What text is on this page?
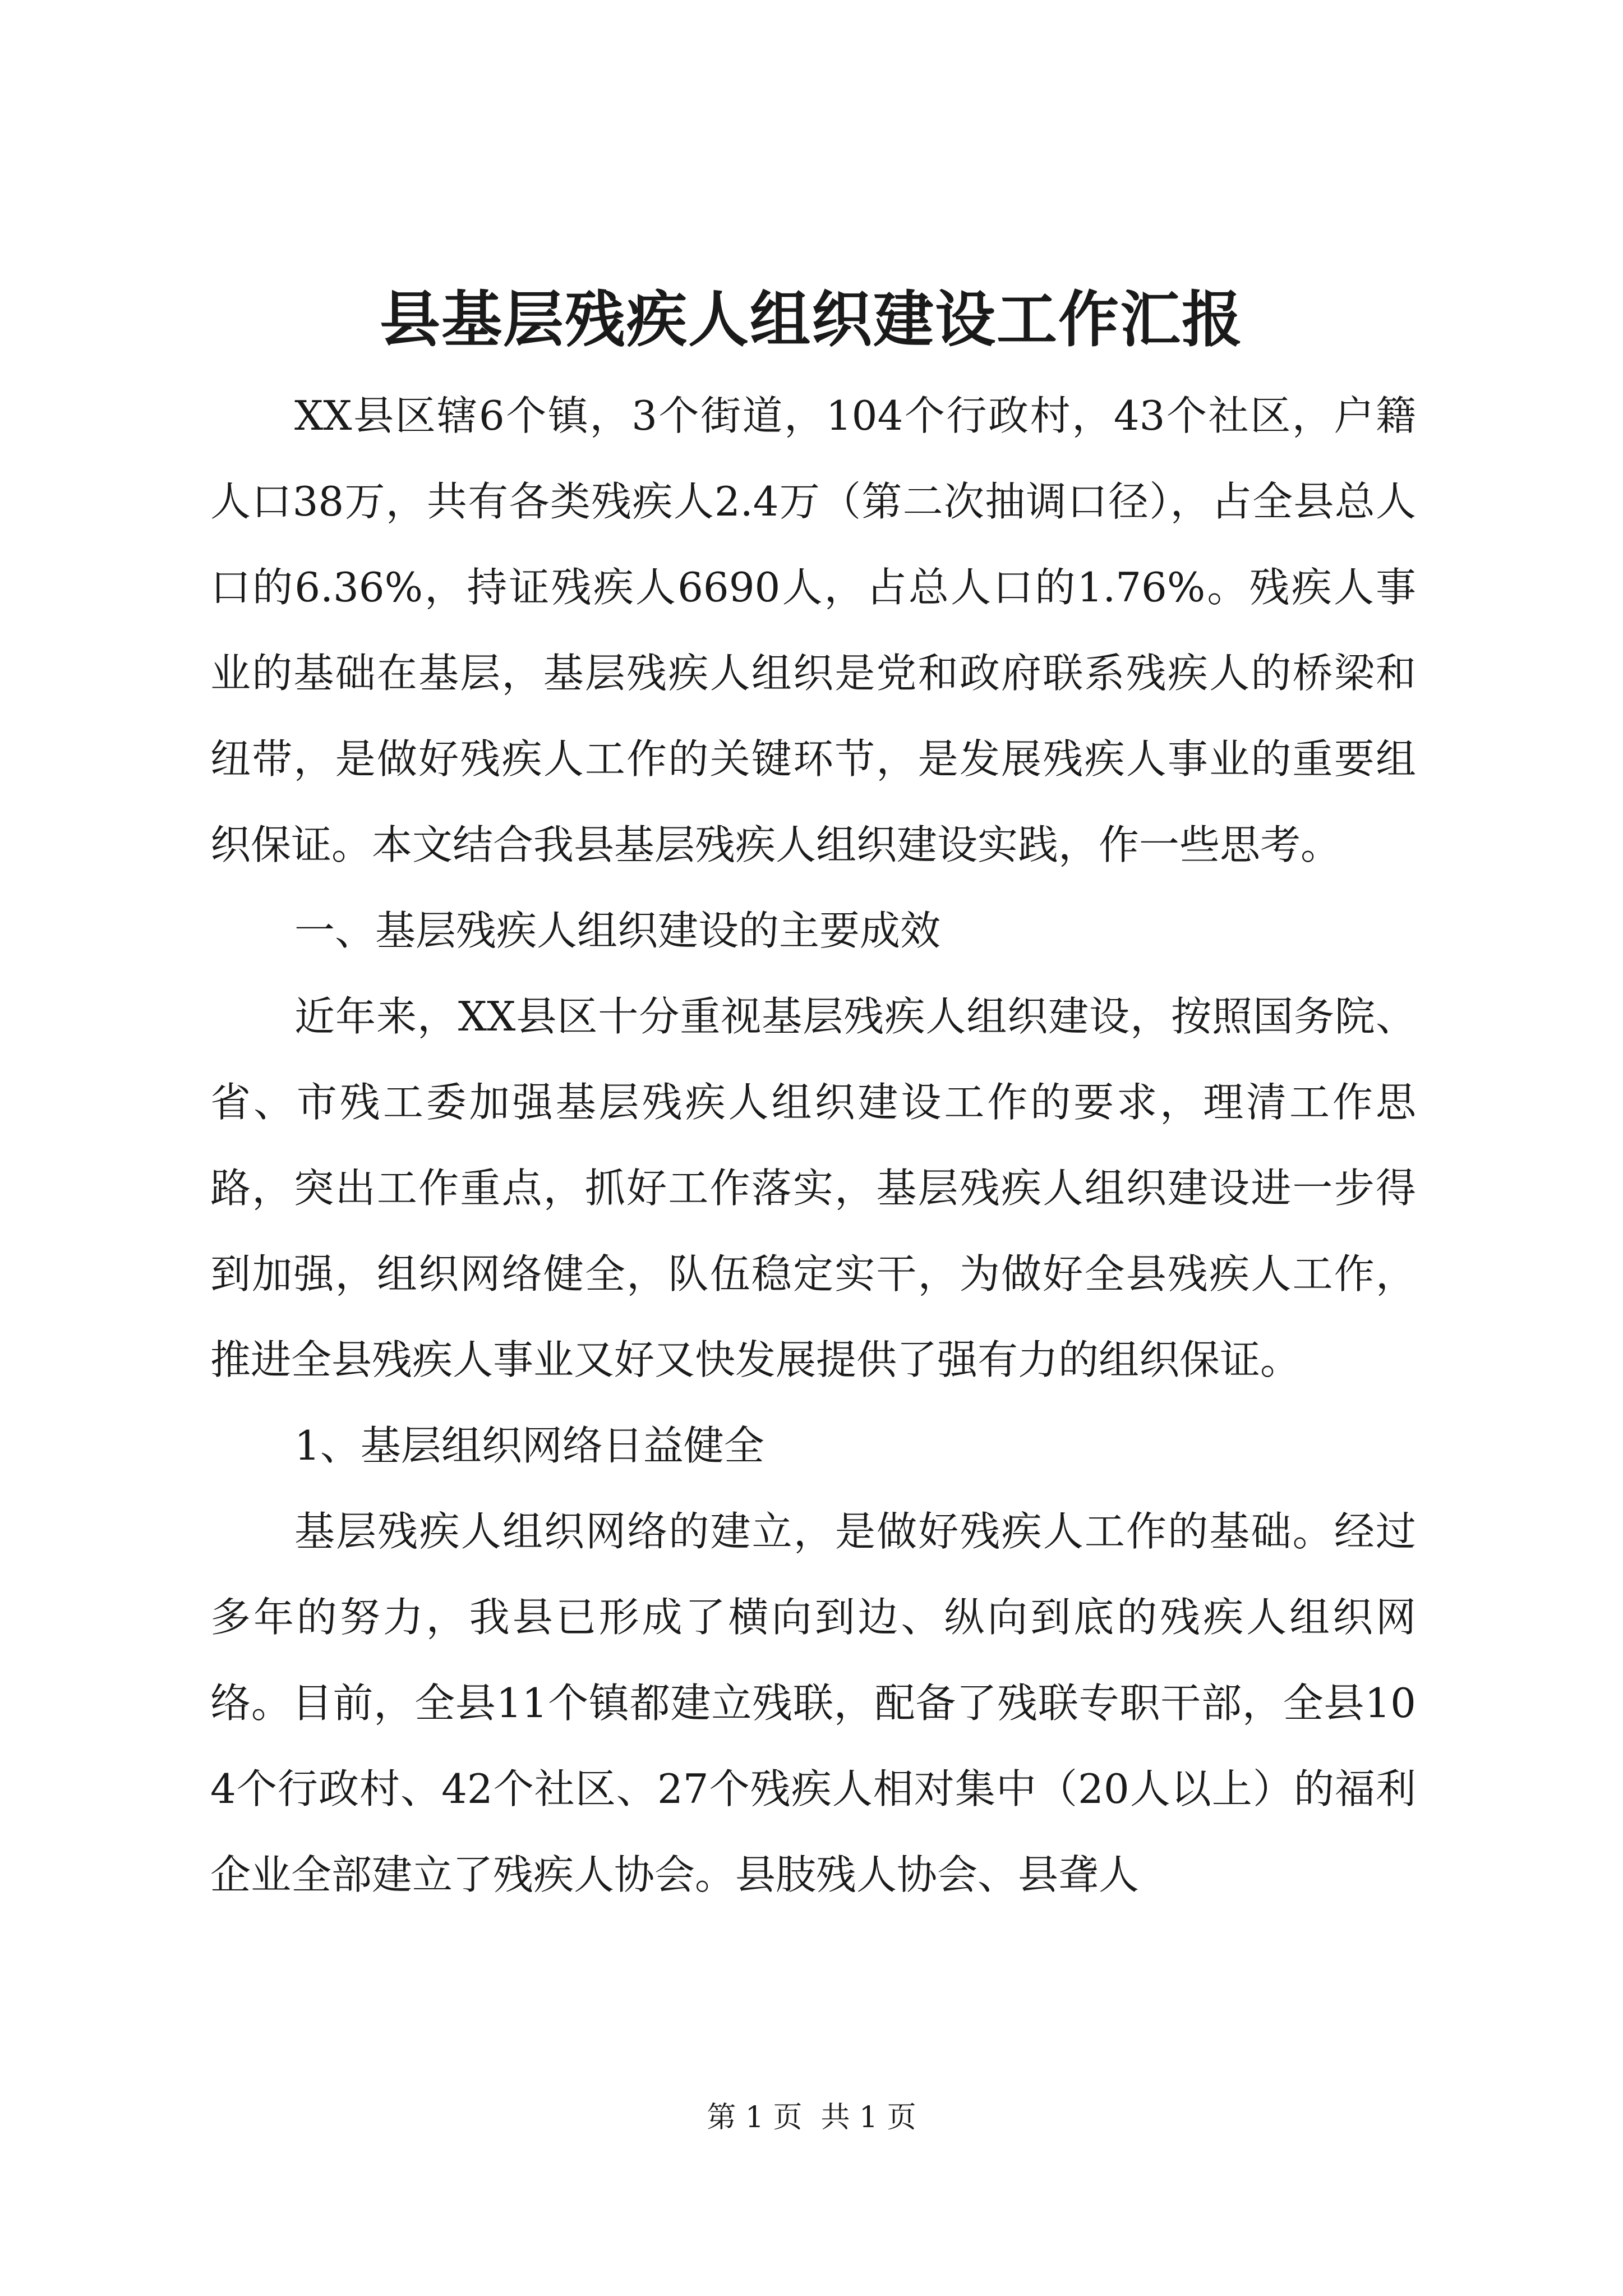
县基层残疾人组织建设工作汇报

XX县区辖6个镇，3个街道，104个行政村，43个社区，户籍人口38万，共有各类残疾人2.4万（第二次抽调口径），占全县总人口的6.36%，持证残疾人6690人，占总人口的1.76%。残疾人事业的基础在基层，基层残疾人组织是党和政府联系残疾人的桥梁和纽带，是做好残疾人工作的关键环节，是发展残疾人事业的重要组织保证。本文结合我县基层残疾人组织建设实践，作一些思考。

一、基层残疾人组织建设的主要成效

近年来，XX县区十分重视基层残疾人组织建设，按照国务院、省、市残工委加强基层残疾人组织建设工作的要求，理清工作思路，突出工作重点，抓好工作落实，基层残疾人组织建设进一步得到加强，组织网络健全，队伍稳定实干，为做好全县残疾人工作，推进全县残疾人事业又好又快发展提供了强有力的组织保证。

1、基层组织网络日益健全

基层残疾人组织网络的建立，是做好残疾人工作的基础。经过多年的努力，我县已形成了横向到边、纵向到底的残疾人组织网络。目前，全县11个镇都建立残联，配备了残联专职干部，全县104个行政村、42个社区、27个残疾人相对集中（20人以上）的福利企业全部建立了残疾人协会。县肢残人协会、县聋人

第 1 页  共 1 页
